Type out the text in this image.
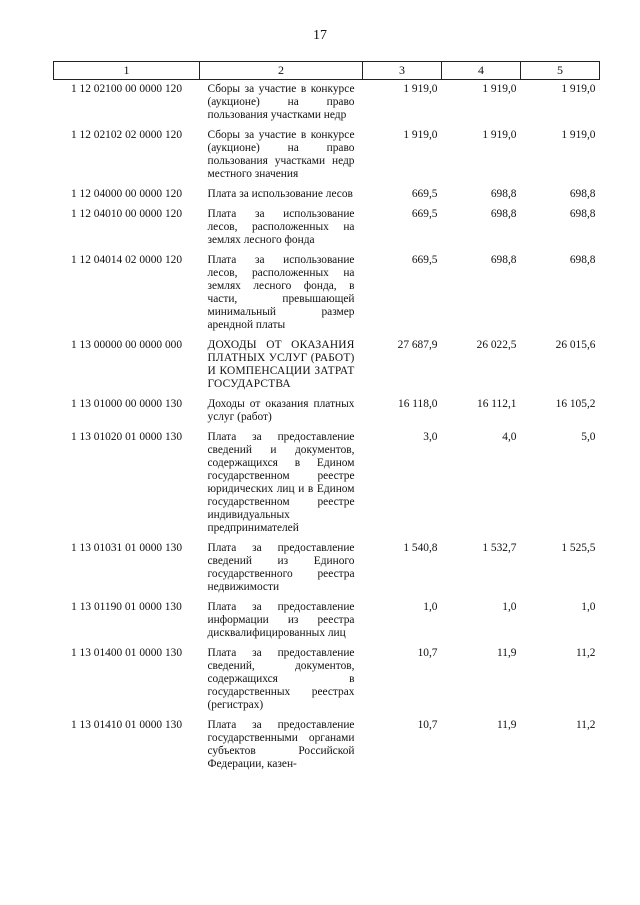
17
1	2	3	4	5
1 12 02100 00 0000 120	Сборы за участие в конкурсе (аукционе) на право пользования участками недр	1 919,0	1 919,0	1 919,0
1 12 02102 02 0000 120	Сборы за участие в конкурсе (аукционе) на право пользования участками недр местного значения	1 919,0	1 919,0	1 919,0
1 12 04000 00 0000 120	Плата за использование лесов	669,5	698,8	698,8
1 12 04010 00 0000 120	Плата за использование лесов, расположенных на землях лесного фонда	669,5	698,8	698,8
1 12 04014 02 0000 120	Плата за использование лесов, расположенных на землях лесного фонда, в части, превышающей минимальный размер арендной платы	669,5	698,8	698,8
1 13 00000 00 0000 000	ДОХОДЫ ОТ ОКАЗАНИЯ ПЛАТНЫХ УСЛУГ (РАБОТ) И КОМПЕНСАЦИИ ЗАТРАТ ГОСУДАРСТВА	27 687,9	26 022,5	26 015,6
1 13 01000 00 0000 130	Доходы от оказания платных услуг (работ)	16 118,0	16 112,1	16 105,2
1 13 01020 01 0000 130	Плата за предоставление сведений и документов, содержащихся в Едином государственном реестре юридических лиц и в Едином государственном реестре индивидуальных предпринимателей	3,0	4,0	5,0
1 13 01031 01 0000 130	Плата за предоставление сведений из Единого государственного реестра недвижимости	1 540,8	1 532,7	1 525,5
1 13 01190 01 0000 130	Плата за предоставление информации из реестра дисквалифицированных лиц	1,0	1,0	1,0
1 13 01400 01 0000 130	Плата за предоставление сведений, документов, содержащихся в государственных реестрах (регистрах)	10,7	11,9	11,2
1 13 01410 01 0000 130	Плата за предоставление государственными органами субъектов Российской Федерации, казен-	10,7	11,9	11,2
